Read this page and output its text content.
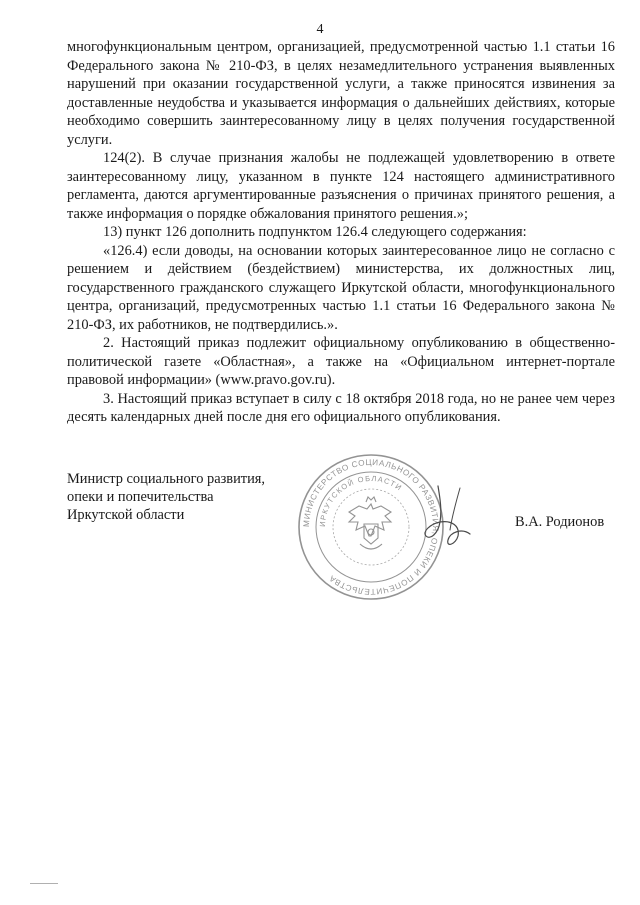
4

многофункциональным центром, организацией, предусмотренной частью 1.1 статьи 16 Федерального закона № 210-ФЗ, в целях незамедлительного устранения выявленных нарушений при оказании государственной услуги, а также приносятся извинения за доставленные неудобства и указывается информация о дальнейших действиях, которые необходимо совершить заинтересованному лицу в целях получения государственной услуги.

124(2). В случае признания жалобы не подлежащей удовлетворению в ответе заинтересованному лицу, указанном в пункте 124 настоящего административного регламента, даются аргументированные разъяснения о причинах принятого решения, а также информация о порядке обжалования принятого решения.»;

13) пункт 126 дополнить подпунктом 126.4 следующего содержания:

«126.4) если доводы, на основании которых заинтересованное лицо не согласно с решением и действием (бездействием) министерства, их должностных лиц, государственного гражданского служащего Иркутской области, многофункционального центра, организаций, предусмотренных частью 1.1 статьи 16 Федерального закона № 210-ФЗ, их работников, не подтвердились.».

2. Настоящий приказ подлежит официальному опубликованию в общественно-политической газете «Областная», а также на «Официальном интернет-портале правовой информации» (www.pravo.gov.ru).

3. Настоящий приказ вступает в силу с 18 октября 2018 года, но не ранее чем через десять календарных дней после дня его официального опубликования.

Министр социального развития,
опеки и попечительства
Иркутской области
МИНИСТЕРСТВО СОЦИАЛЬНОГО РАЗВИТИЯ, ОПЕКИ И ПОПЕЧИТЕЛЬСТВА
ИРКУТСКОЙ ОБЛАСТИ
В.А. Родионов
